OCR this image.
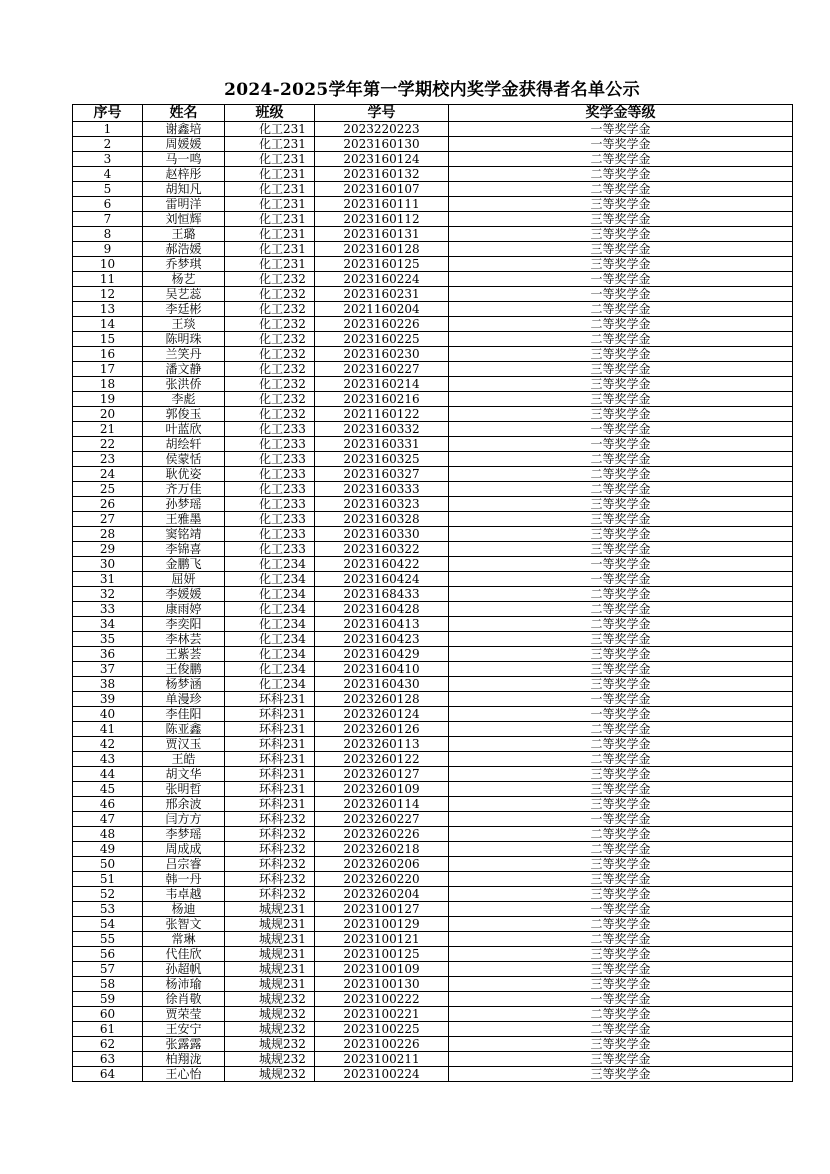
2024-2025学年第一学期校内奖学金获得者名单公示
序号	姓名	班级	学号	奖学金等级
1	谢鑫培	化工231	2023220223	一等奖学金
2	周媛媛	化工231	2023160130	一等奖学金
3	马一鸣	化工231	2023160124	二等奖学金
4	赵梓彤	化工231	2023160132	二等奖学金
5	胡知凡	化工231	2023160107	二等奖学金
6	雷明洋	化工231	2023160111	三等奖学金
7	刘恒辉	化工231	2023160112	三等奖学金
8	王璐	化工231	2023160131	三等奖学金
9	郝浩媛	化工231	2023160128	三等奖学金
10	乔梦琪	化工231	2023160125	三等奖学金
11	杨艺	化工232	2023160224	一等奖学金
12	吴艺蕊	化工232	2023160231	一等奖学金
13	李廷彬	化工232	2021160204	二等奖学金
14	王琰	化工232	2023160226	二等奖学金
15	陈明珠	化工232	2023160225	二等奖学金
16	兰笑丹	化工232	2023160230	三等奖学金
17	潘文静	化工232	2023160227	三等奖学金
18	张洪侨	化工232	2023160214	三等奖学金
19	李彪	化工232	2023160216	三等奖学金
20	郭俊玉	化工232	2021160122	三等奖学金
21	叶蓝欣	化工233	2023160332	一等奖学金
22	胡绘轩	化工233	2023160331	一等奖学金
23	侯蒙恬	化工233	2023160325	二等奖学金
24	耿优姿	化工233	2023160327	二等奖学金
25	齐万佳	化工233	2023160333	二等奖学金
26	孙梦瑶	化工233	2023160323	三等奖学金
27	王雅墨	化工233	2023160328	三等奖学金
28	窦铭靖	化工233	2023160330	三等奖学金
29	李锦喜	化工233	2023160322	三等奖学金
30	金鹏飞	化工234	2023160422	一等奖学金
31	屈妍	化工234	2023160424	一等奖学金
32	李媛媛	化工234	2023168433	二等奖学金
33	康雨婷	化工234	2023160428	二等奖学金
34	李奕阳	化工234	2023160413	二等奖学金
35	李林芸	化工234	2023160423	三等奖学金
36	王紫荟	化工234	2023160429	三等奖学金
37	王俊鹏	化工234	2023160410	三等奖学金
38	杨梦涵	化工234	2023160430	三等奖学金
39	单漫珍	环科231	2023260128	一等奖学金
40	李佳阳	环科231	2023260124	一等奖学金
41	陈亚鑫	环科231	2023260126	二等奖学金
42	贾汉玉	环科231	2023260113	二等奖学金
43	王皓	环科231	2023260122	二等奖学金
44	胡文华	环科231	2023260127	三等奖学金
45	张明哲	环科231	2023260109	三等奖学金
46	邢余波	环科231	2023260114	三等奖学金
47	闫方方	环科232	2023260227	一等奖学金
48	李梦瑶	环科232	2023260226	二等奖学金
49	周成成	环科232	2023260218	二等奖学金
50	吕宗睿	环科232	2023260206	三等奖学金
51	韩一丹	环科232	2023260220	三等奖学金
52	韦卓越	环科232	2023260204	三等奖学金
53	杨迪	城规231	2023100127	一等奖学金
54	张智文	城规231	2023100129	二等奖学金
55	常琳	城规231	2023100121	二等奖学金
56	代佳欣	城规231	2023100125	三等奖学金
57	孙超帆	城规231	2023100109	三等奖学金
58	杨沛瑜	城规231	2023100130	三等奖学金
59	徐肖敬	城规232	2023100222	一等奖学金
60	贾荣莹	城规232	2023100221	二等奖学金
61	王安宁	城规232	2023100225	二等奖学金
62	张露露	城规232	2023100226	三等奖学金
63	柏翔泷	城规232	2023100211	三等奖学金
64	王心怡	城规232	2023100224	三等奖学金
